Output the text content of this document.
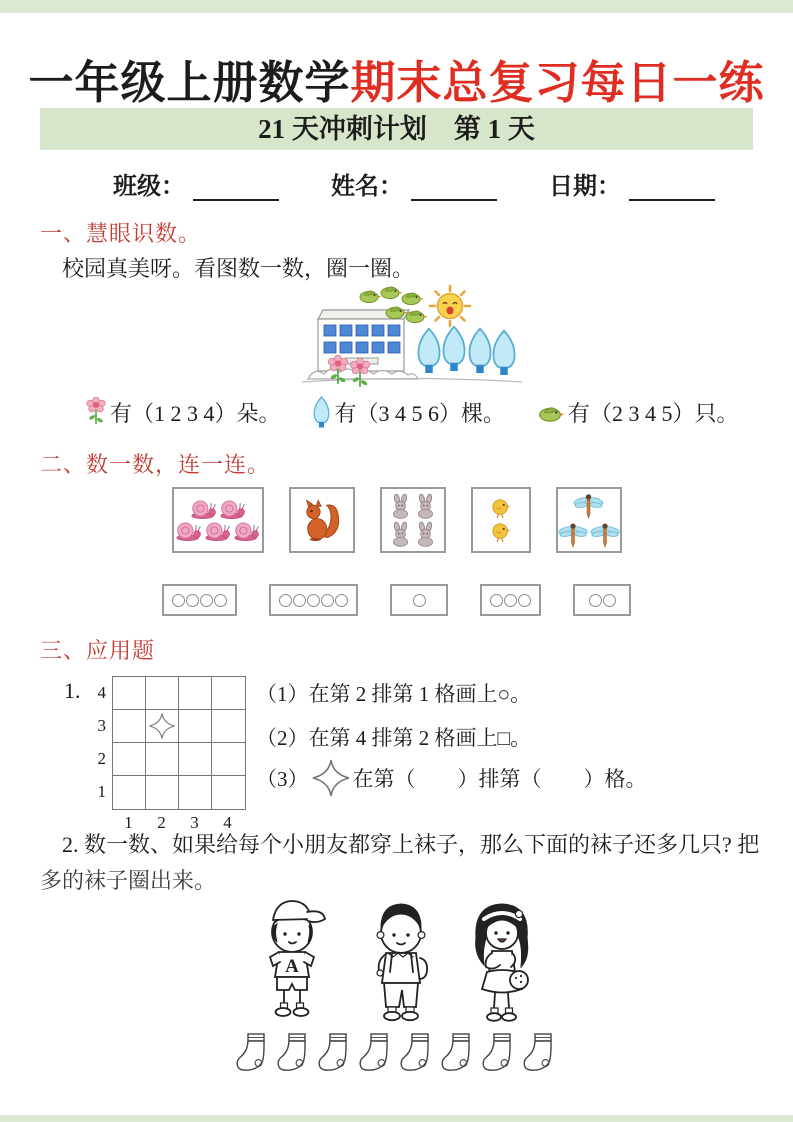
一年级上册数学期末总复习每日一练
21 天冲刺计划　第 1 天
班级：	姓名：	日期：
一、慧眼识数。
校园真美呀。看图数一数，圈一圈。
有（1 2 3 4）朵。 有（3 4 5 6）棵。	有（2 3 4 5）只。
二、数一数，连一连。
三、应用题
1.	4
3
2
1
1	2	3	4
（1）在第 2 排第 1 格画上○。
（2）在第 4 排第 2 格画上□。
（3） 在第（　　）排第（　　）格。
2. 数一数、如果给每个小朋友都穿上袜子，那么下面的袜子还多几只? 把
多的袜子圈出来。
A
